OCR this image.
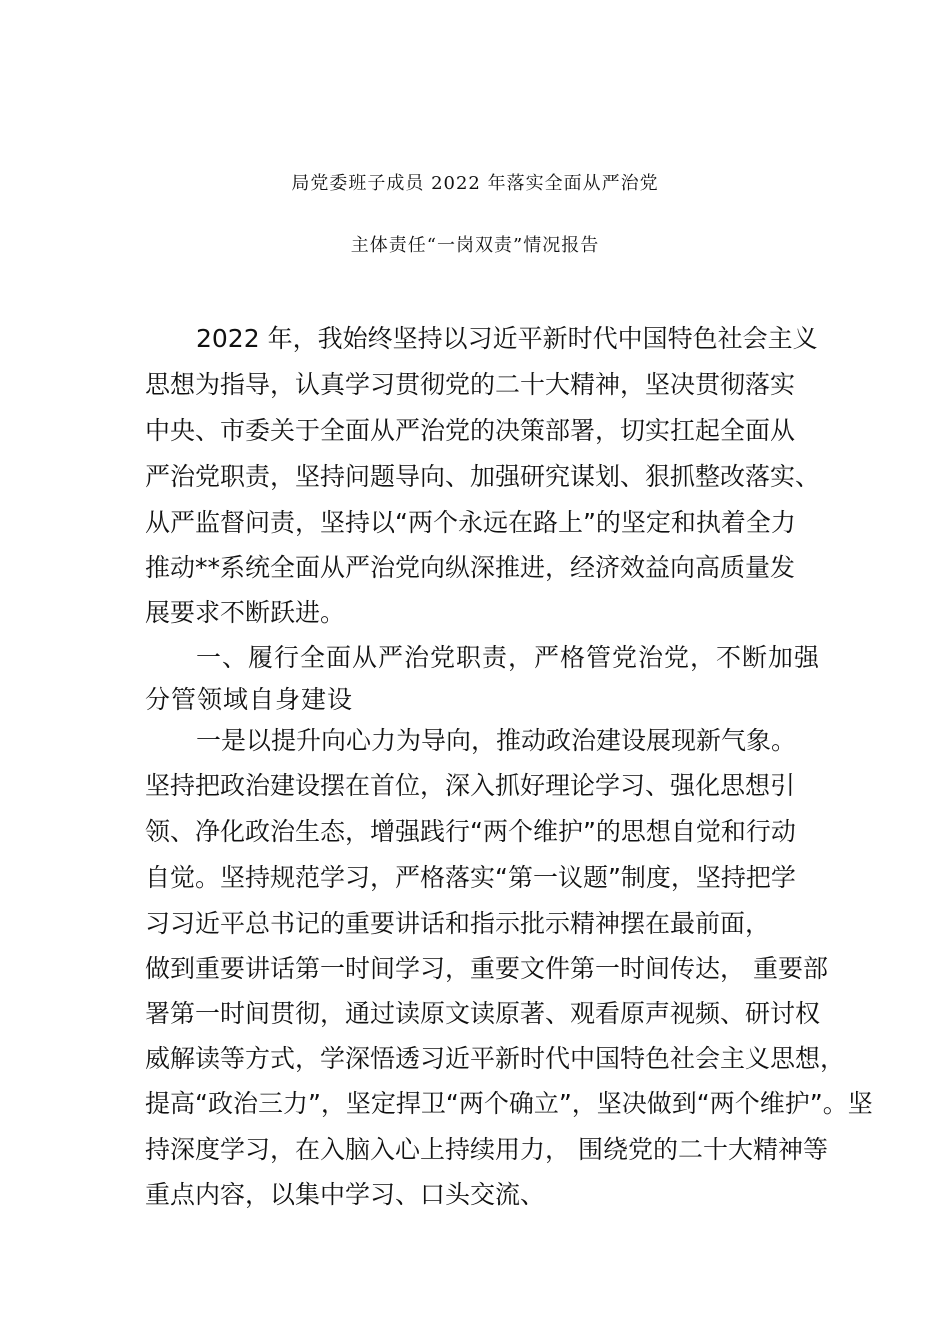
局党委班子成员 2022 年落实全面从严治党
主体责任“一岗双责”情况报告
2022 年，我始终坚持以习近平新时代中国特色社会主义
思想为指导，认真学习贯彻党的二十大精神，坚决贯彻落实
中央、市委关于全面从严治党的决策部署，切实扛起全面从
严治党职责，坚持问题导向、加强研究谋划、狠抓整改落实、
从严监督问责，坚持以“两个永远在路上”的坚定和执着全力
推动**系统全面从严治党向纵深推进，经济效益向高质量发
展要求不断跃进。
一、履行全面从严治党职责，严格管党治党，不断加强
分管领域自身建设
一是以提升向心力为导向，推动政治建设展现新气象。
坚持把政治建设摆在首位，深入抓好理论学习、强化思想引
领、净化政治生态，增强践行“两个维护”的思想自觉和行动
自觉。坚持规范学习，严格落实“第一议题”制度，坚持把学
习习近平总书记的重要讲话和指示批示精神摆在最前面，
做到重要讲话第一时间学习，重要文件第一时间传达， 重要部
署第一时间贯彻，通过读原文读原著、观看原声视频、研讨权
威解读等方式，学深悟透习近平新时代中国特色社会主义思想，
提高“政治三力”，坚定捍卫“两个确立”，坚决做到“两个维护”。坚
持深度学习，在入脑入心上持续用力， 围绕党的二十大精神等
重点内容，以集中学习、口头交流、
